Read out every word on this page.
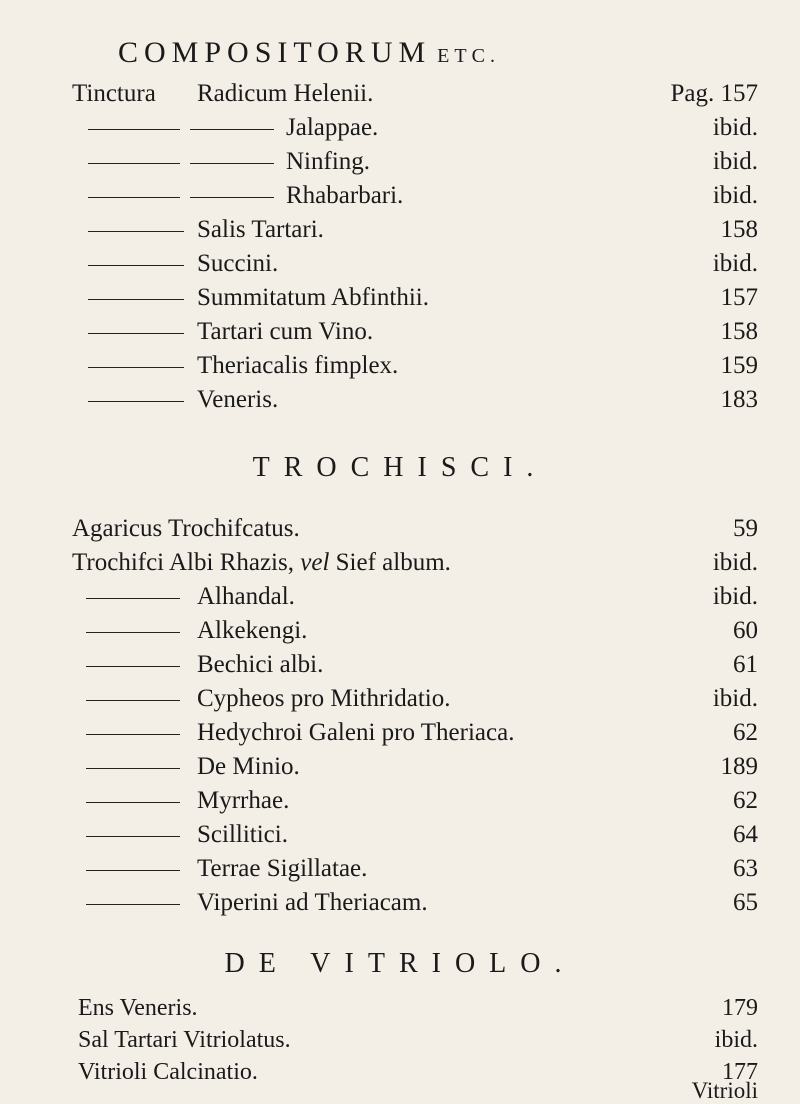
COMPOSITORUM ETC.
Tinctura Radicum Helenii.	Pag. 157
Jalappae.	ibid.
Ninfing.	ibid.
Rhabarbari.	ibid.
Salis Tartari.	158
Succini.	ibid.
Summitatum Abfinthii.	157
Tartari cum Vino.	158
Theriacalis fimplex.	159
Veneris.	183
TROCHISCI.
Agaricus Trochifcatus.	59
Trochifci Albi Rhazis, vel Sief album.	ibid.
Alhandal.	ibid.
Alkekengi.	60
Bechici albi.	61
Cypheos pro Mithridatio.	ibid.
Hedychroi Galeni pro Theriaca.	62
De Minio.	189
Myrrhae.	62
Scillitici.	64
Terrae Sigillatae.	63
Viperini ad Theriacam.	65
DE VITRIOLO.
Ens Veneris.	179
Sal Tartari Vitriolatus.	ibid.
Vitrioli Calcinatio.	177
Vitrioli
